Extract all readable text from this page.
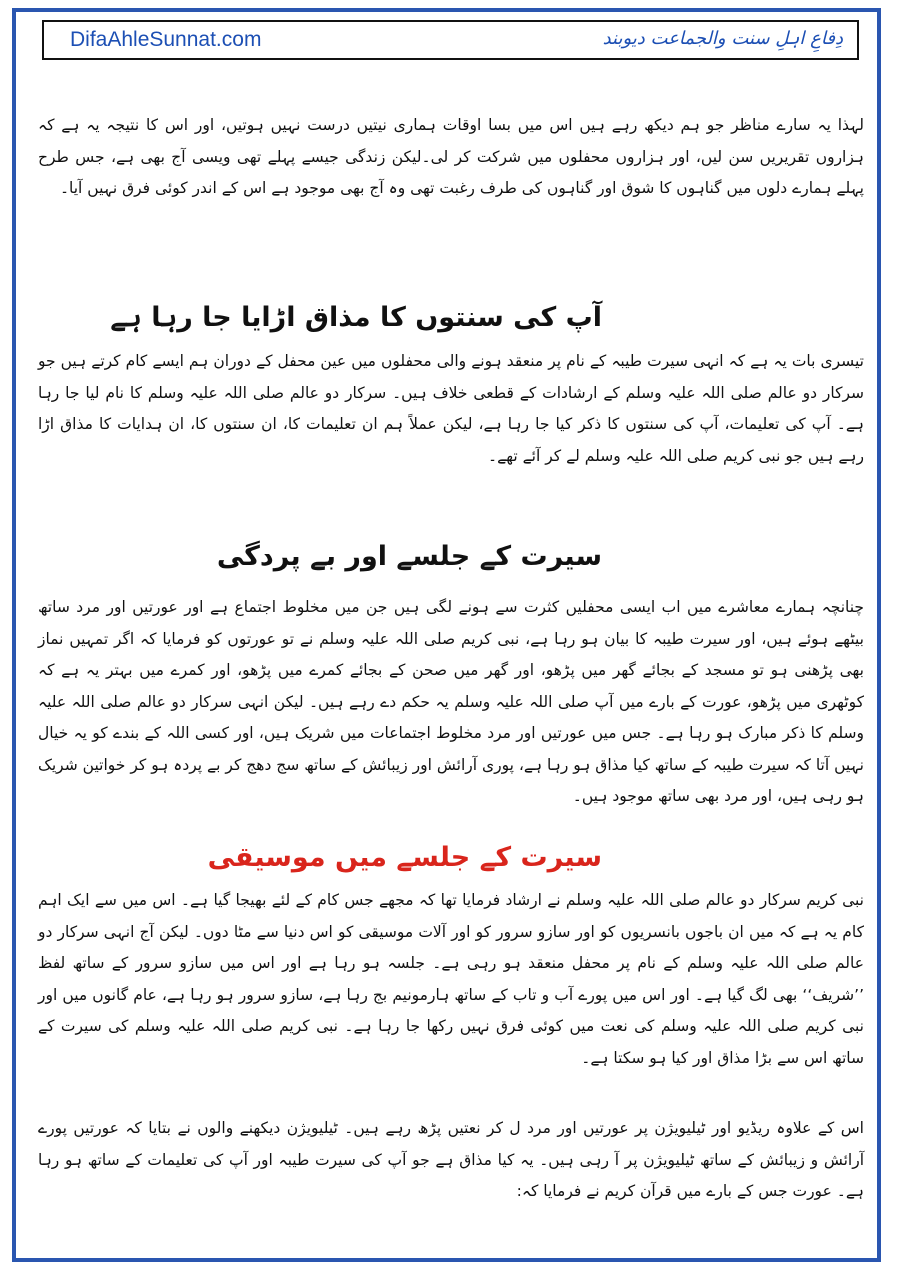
DifaAhleSunnat.com	دِفاعِ اہلِ سنت والجماعت دیوبند

لہذا یہ سارے مناظر جو ہم دیکھ رہے ہیں اس میں بسا اوقات ہماری نیتیں درست نہیں ہوتیں، اور اس کا نتیجہ یہ ہے کہ ہزاروں تقریریں سن لیں، اور ہزاروں محفلوں میں شرکت کر لی۔لیکن زندگی جیسے پہلے تھی ویسی آج بھی ہے، جس طرح پہلے ہمارے دلوں میں گناہوں کا شوق اور گناہوں کی طرف رغبت تھی وہ آج بھی موجود ہے اس کے اندر کوئی فرق نہیں آیا۔

آپ کی سنتوں کا مذاق اڑایا جا رہا ہے

تیسری بات یہ ہے کہ انہی سیرت طیبہ کے نام پر منعقد ہونے والی محفلوں میں عین محفل کے دوران ہم ایسے کام کرتے ہیں جو سرکار دو عالم صلی اللہ علیہ وسلم کے ارشادات کے قطعی خلاف ہیں۔ سرکار دو عالم صلی اللہ علیہ وسلم کا نام لیا جا رہا ہے۔ آپ کی تعلیمات، آپ کی سنتوں کا ذکر کیا جا رہا ہے، لیکن عملاً ہم ان تعلیمات کا، ان سنتوں کا، ان ہدایات کا مذاق اڑا رہے ہیں جو نبی کریم صلی اللہ علیہ وسلم لے کر آئے تھے۔

سیرت کے جلسے اور بے پردگی

چنانچہ ہمارے معاشرے میں اب ایسی محفلیں کثرت سے ہونے لگی ہیں جن میں مخلوط اجتماع ہے اور عورتیں اور مرد ساتھ بیٹھے ہوئے ہیں، اور سیرت طیبہ کا بیان ہو رہا ہے، نبی کریم صلی اللہ علیہ وسلم نے تو عورتوں کو فرمایا کہ اگر تمہیں نماز بھی پڑھنی ہو تو مسجد کے بجائے گھر میں پڑھو، اور گھر میں صحن کے بجائے کمرے میں پڑھو، اور کمرے میں بہتر یہ ہے کہ کوٹھری میں پڑھو، عورت کے بارے میں آپ صلی اللہ علیہ وسلم یہ حکم دے رہے ہیں۔ لیکن انہی سرکار دو عالم صلی اللہ علیہ وسلم کا ذکر مبارک ہو رہا ہے۔ جس میں عورتیں اور مرد مخلوط اجتماعات میں شریک ہیں، اور کسی اللہ کے بندے کو یہ خیال نہیں آتا کہ سیرت طیبہ کے ساتھ کیا مذاق ہو رہا ہے، پوری آرائش اور زیبائش کے ساتھ سج دھج کر بے پردہ ہو کر خواتین شریک ہو رہی ہیں، اور مرد بھی ساتھ موجود ہیں۔

سیرت کے جلسے میں موسیقی

نبی کریم سرکار دو عالم صلی اللہ علیہ وسلم نے ارشاد فرمایا تھا کہ مجھے جس کام کے لئے بھیجا گیا ہے۔ اس میں سے ایک اہم کام یہ ہے کہ میں ان باجوں بانسریوں کو اور سازو سرور کو اور آلات موسیقی کو اس دنیا سے مٹا دوں۔ لیکن آج انہی سرکار دو عالم صلی اللہ علیہ وسلم کے نام پر محفل منعقد ہو رہی ہے۔ جلسہ ہو رہا ہے اور اس میں سازو سرور کے ساتھ لفظ ’’شریف‘‘ بھی لگ گیا ہے۔ اور اس میں پورے آب و تاب کے ساتھ ہارمونیم بج رہا ہے، سازو سرور ہو رہا ہے، عام گانوں میں اور نبی کریم صلی اللہ علیہ وسلم کی نعت میں کوئی فرق نہیں رکھا جا رہا ہے۔ نبی کریم صلی اللہ علیہ وسلم کی سیرت کے ساتھ اس سے بڑا مذاق اور کیا ہو سکتا ہے۔

اس کے علاوہ ریڈیو اور ٹیلیویژن پر عورتیں اور مرد ل کر نعتیں پڑھ رہے ہیں۔ ٹیلیویژن دیکھنے والوں نے بتایا کہ عورتیں پورے آرائش و زیبائش کے ساتھ ٹیلیویژن پر آ رہی ہیں۔ یہ کیا مذاق ہے جو آپ کی سیرت طیبہ اور آپ کی تعلیمات کے ساتھ ہو رہا ہے۔ عورت جس کے بارے میں قرآن کریم نے فرمایا کہ:
